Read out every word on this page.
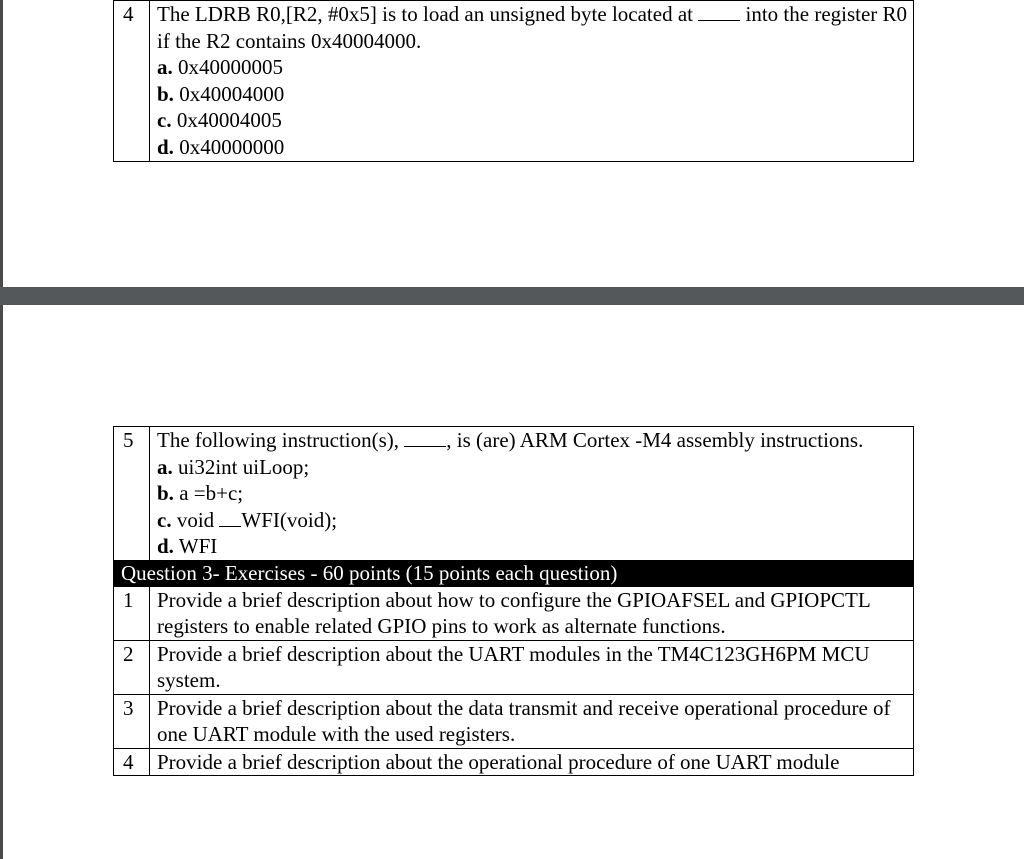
4	The LDRB R0,[R2, #0x5] is to load an unsigned byte located at  into the register R0 if the R2 contains 0x40004000.
a. 0x40000005
b. 0x40004000
c. 0x40004005
d. 0x40000000
5	The following instruction(s), , is (are) ARM Cortex -M4 assembly instructions.
a. ui32int uiLoop;
b. a =b+c;
c. void WFI(void);
d. WFI

Question 3- Exercises - 60 points (15 points each question)	
1	Provide a brief description about how to configure the GPIOAFSEL and GPIOPCTL registers to enable related GPIO pins to work as alternate functions.
2	Provide a brief description about the UART modules in the TM4C123GH6PM MCU system.
3	Provide a brief description about the data transmit and receive operational procedure of one UART module with the used registers.
4	Provide a brief description about the operational procedure of one UART module
